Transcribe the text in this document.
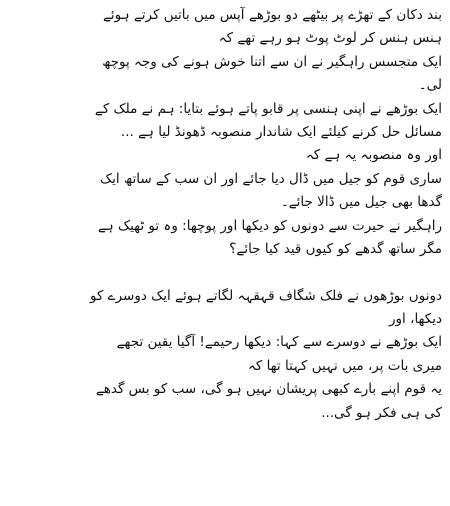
بند دکان کے تھڑے پر بیٹھے دو بوڑھے آپس میں باتیں کرتے ہوئے
ہنس ہنس کر لوٹ پوٹ ہو رہے تھے کہ
ایک متجسس راہگیر نے ان سے اتنا خوش ہونے کی وجہ پوچھ
لی۔
ایک بوڑھے نے اپنی ہنسی پر قابو پاتے ہوئے بتایا: ہم نے ملک کے
مسائل حل کرنے کیلئے ایک شاندار منصوبہ ڈھونڈ لیا ہے ...
اور وہ منصوبہ یہ ہے کہ
ساری قوم کو جیل میں ڈال دیا جائے اور ان سب کے ساتھ ایک
گدھا بھی جیل میں ڈالا جائے۔
راہگیر نے حیرت سے دونوں کو دیکھا اور پوچھا: وہ تو ٹھیک ہے
مگر ساتھ گدھے کو کیوں قید کیا جائے؟
دونوں بوڑھوں نے فلک شگاف قہقہہ لگاتے ہوئے ایک دوسرے کو
دیکھا، اور
ایک بوڑھے نے دوسرے سے کہا: دیکھا رحیمے! آگیا یقین تجھے
میری بات پر، میں نہیں کہتا تھا کہ
یہ قوم اپنے بارے کبھی پریشان نہیں ہو گی، سب کو بس گدھے
کی ہی فکر ہو گی...
